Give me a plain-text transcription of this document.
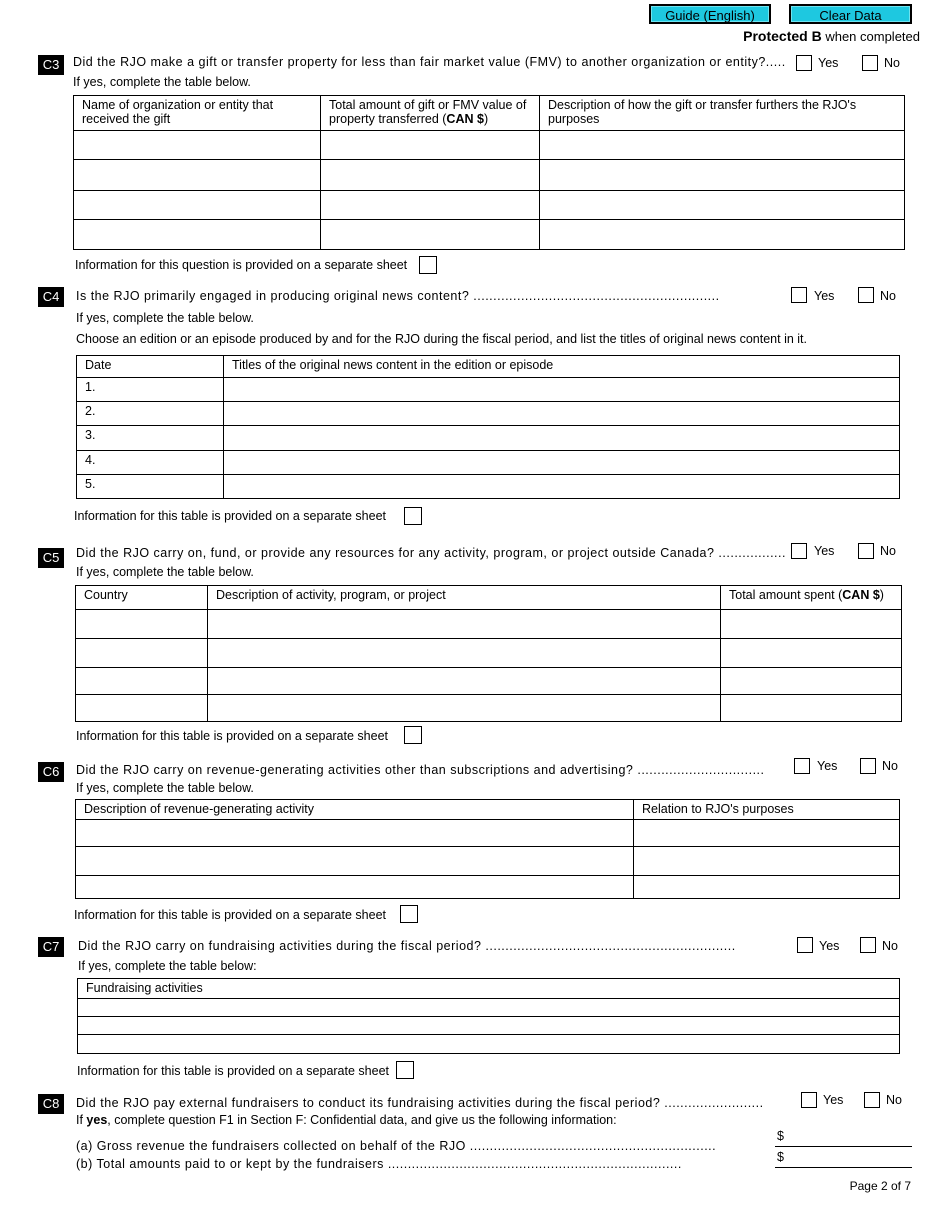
Guide (English)	Clear Data
Protected B when completed
C3	Did the RJO make a gift or transfer property for less than fair market value (FMV) to another organization or entity?.....	Yes	No
If yes, complete the table below.
Name of organization or entity that received the gift	Total amount of gift or FMV value of property transferred (CAN $)	Description of how the gift or transfer furthers the RJO's purposes

Information for this question is provided on a separate sheet
C4	Is the RJO primarily engaged in producing original news content? ..............................................................	Yes	No
If yes, complete the table below.
Choose an edition or an episode produced by and for the RJO during the fiscal period, and list the titles of original news content in it.
Date	Titles of the original news content in the edition or episode
1.	
2.	
3.	
4.	
5.	
Information for this table is provided on a separate sheet
C5	Did the RJO carry on, fund, or provide any resources for any activity, program, or project outside Canada? ................. Yes	No
If yes, complete the table below.
Country	Description of activity, program, or project	Total amount spent (CAN $)

Information for this table is provided on a separate sheet
C6	Did the RJO carry on revenue-generating activities other than subscriptions and advertising? ................................	Yes	No
If yes, complete the table below.
Description of revenue-generating activity	Relation to RJO's purposes

Information for this table is provided on a separate sheet
C7	Did the RJO carry on fundraising activities during the fiscal period? ...............................................................	Yes	No
If yes, complete the table below:
Fundraising activities

Information for this table is provided on a separate sheet
C8	Did the RJO pay external fundraisers to conduct its fundraising activities during the fiscal period? .........................	Yes	No
If yes, complete question F1 in Section F: Confidential data, and give us the following information:
(a) Gross revenue the fundraisers collected on behalf of the RJO ..............................................................
$
(b) Total amounts paid to or kept by the fundraisers ..........................................................................	$
Page 2 of 7
